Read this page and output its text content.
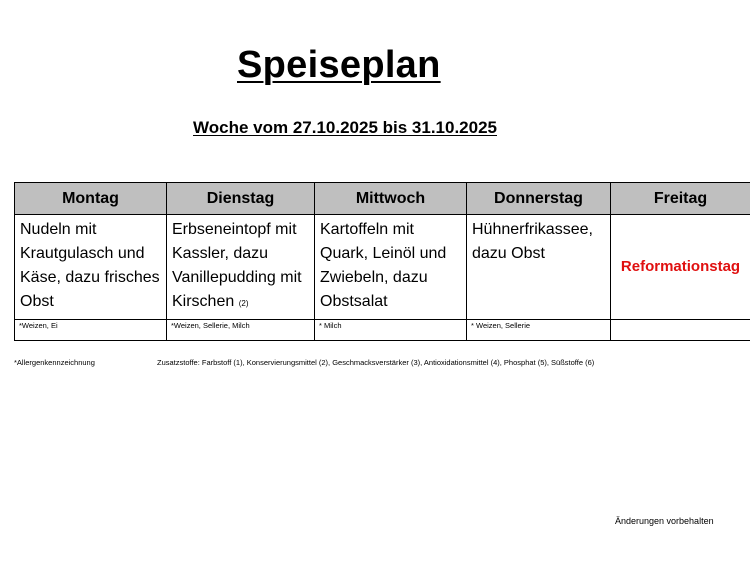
Speiseplan
Woche vom 27.10.2025 bis 31.10.2025
Montag	Dienstag	Mittwoch	Donnerstag	Freitag
Nudeln mit Krautgulasch und Käse, dazu frisches Obst	Erbseneintopf mit Kassler, dazu Vanillepudding mit Kirschen (2)	Kartoffeln mit Quark, Leinöl und Zwiebeln, dazu Obstsalat	Hühnerfrikassee, dazu Obst	Reformationstag
*Weizen, Ei	*Weizen, Sellerie, Milch	* Milch	* Weizen, Sellerie	
*Allergenkennzeichnung	Zusatzstoffe: Farbstoff (1), Konservierungsmittel (2), Geschmacksverstärker (3), Antioxidationsmittel (4), Phosphat (5), Süßstoffe (6)
Änderungen vorbehalten
